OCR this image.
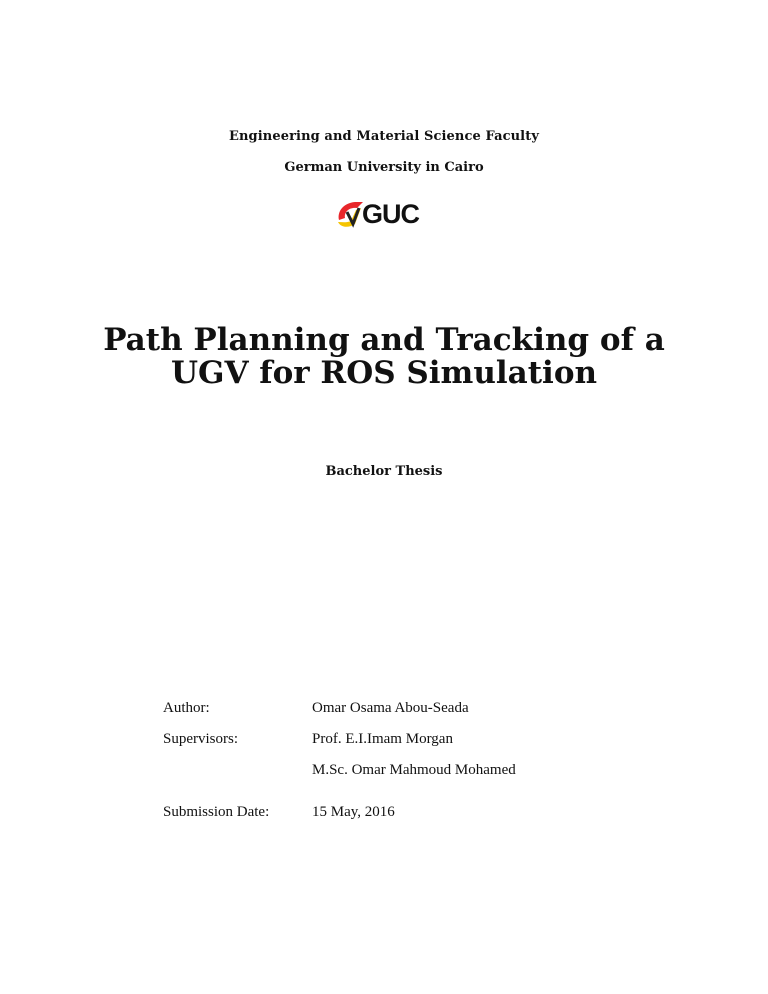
Engineering and Material Science Faculty
German University in Cairo
GUC
Path Planning and Tracking of a
UGV for ROS Simulation
Bachelor Thesis
Author:	Omar Osama Abou-Seada
Supervisors:	Prof. E.I.Imam Morgan
M.Sc. Omar Mahmoud Mohamed
Submission Date:	15 May, 2016
